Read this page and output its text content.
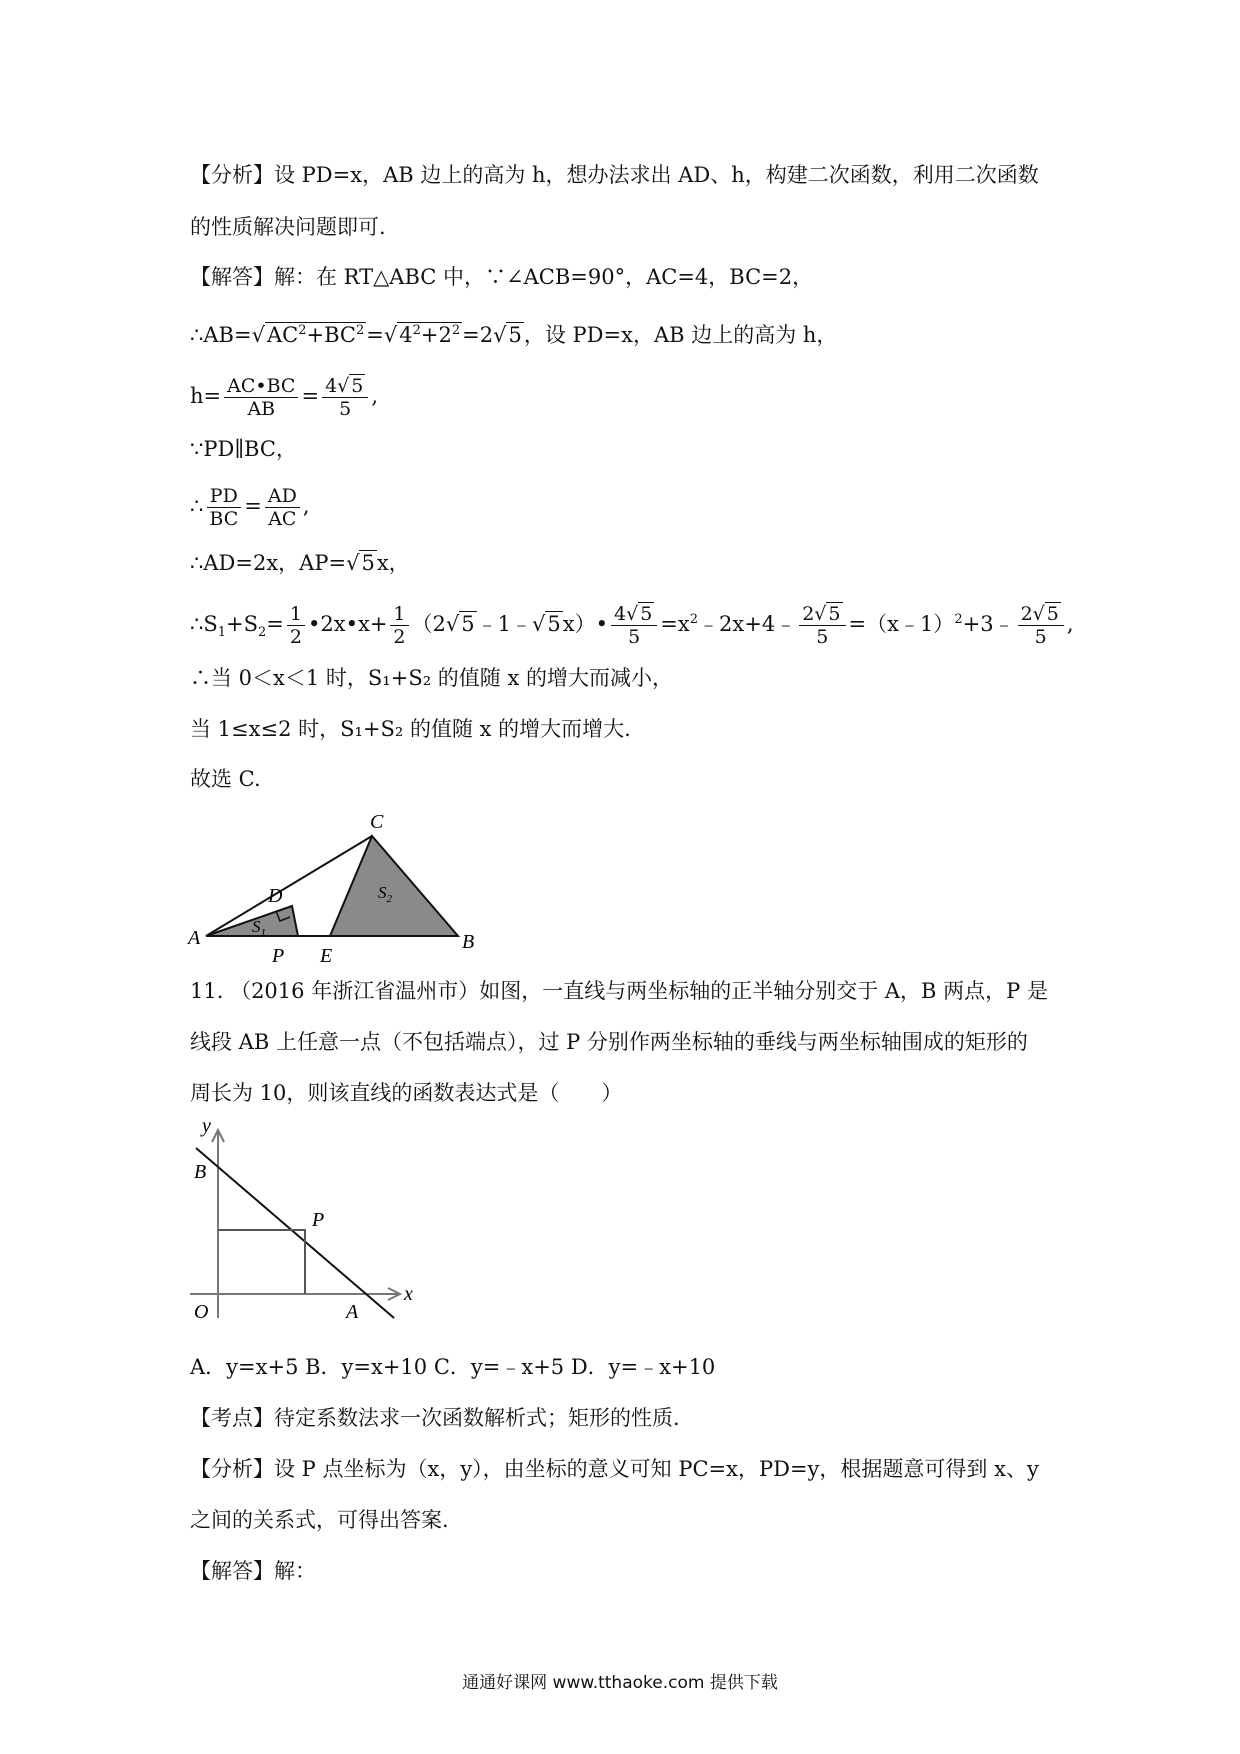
【分析】设 PD=x，AB 边上的高为 h，想办法求出 AD、h，构建二次函数，利用二次函数
的性质解决问题即可.
【解答】解：在 RT△ABC 中，∵∠ACB=90°，AC=4，BC=2，
$\therefore AB=√AC^2+BC^2=√4^2+2^2=2√5$，设 PD=x，AB 边上的高为 h，
$h= \frac{AC•BC}{AB} = \frac{4√ 5}{5}$ ,
∵PD∥BC，
∴ $\frac{PD}{BC} = \frac{AD}{AC}$ ,
∴AD=2x，AP=√5x，
$\therefore S_1+S_2= \frac{1}{2}$ •2x•x+ $\frac{1}{2}$ （2√5﹣1﹣√5x）• $\frac{4√ 5}{5}$ $=x^2﹣2x+4﹣ \frac{2√ 5}{5}$ =（x﹣1）$^2$+3﹣ $\frac{2√ 5}{5}$ ,
∴当 0＜x＜1 时，S₁+S₂ 的值随 x 的增大而减小，
当 1≤x≤2 时，S₁+S₂ 的值随 x 的增大而增大.
故选 C.
A	B
C
D
E
P
$S_1$
$S_2$
11. （2016 年浙江省温州市）如图，一直线与两坐标轴的正半轴分别交于 A，B 两点，P 是
线段 AB 上任意一点（不包括端点），过 P 分别作两坐标轴的垂线与两坐标轴围成的矩形的
周长为 10，则该直线的函数表达式是（　　）
y
x
B
P
O	A
A．y=x+5 B．y=x+10 C．y=﹣x+5 D．y=﹣x+10
【考点】待定系数法求一次函数解析式；矩形的性质.
【分析】设 P 点坐标为（x，y），由坐标的意义可知 PC=x，PD=y，根据题意可得到 x、y
之间的关系式，可得出答案.
【解答】解：
通通好课网 www.tthaoke.com 提供下载
